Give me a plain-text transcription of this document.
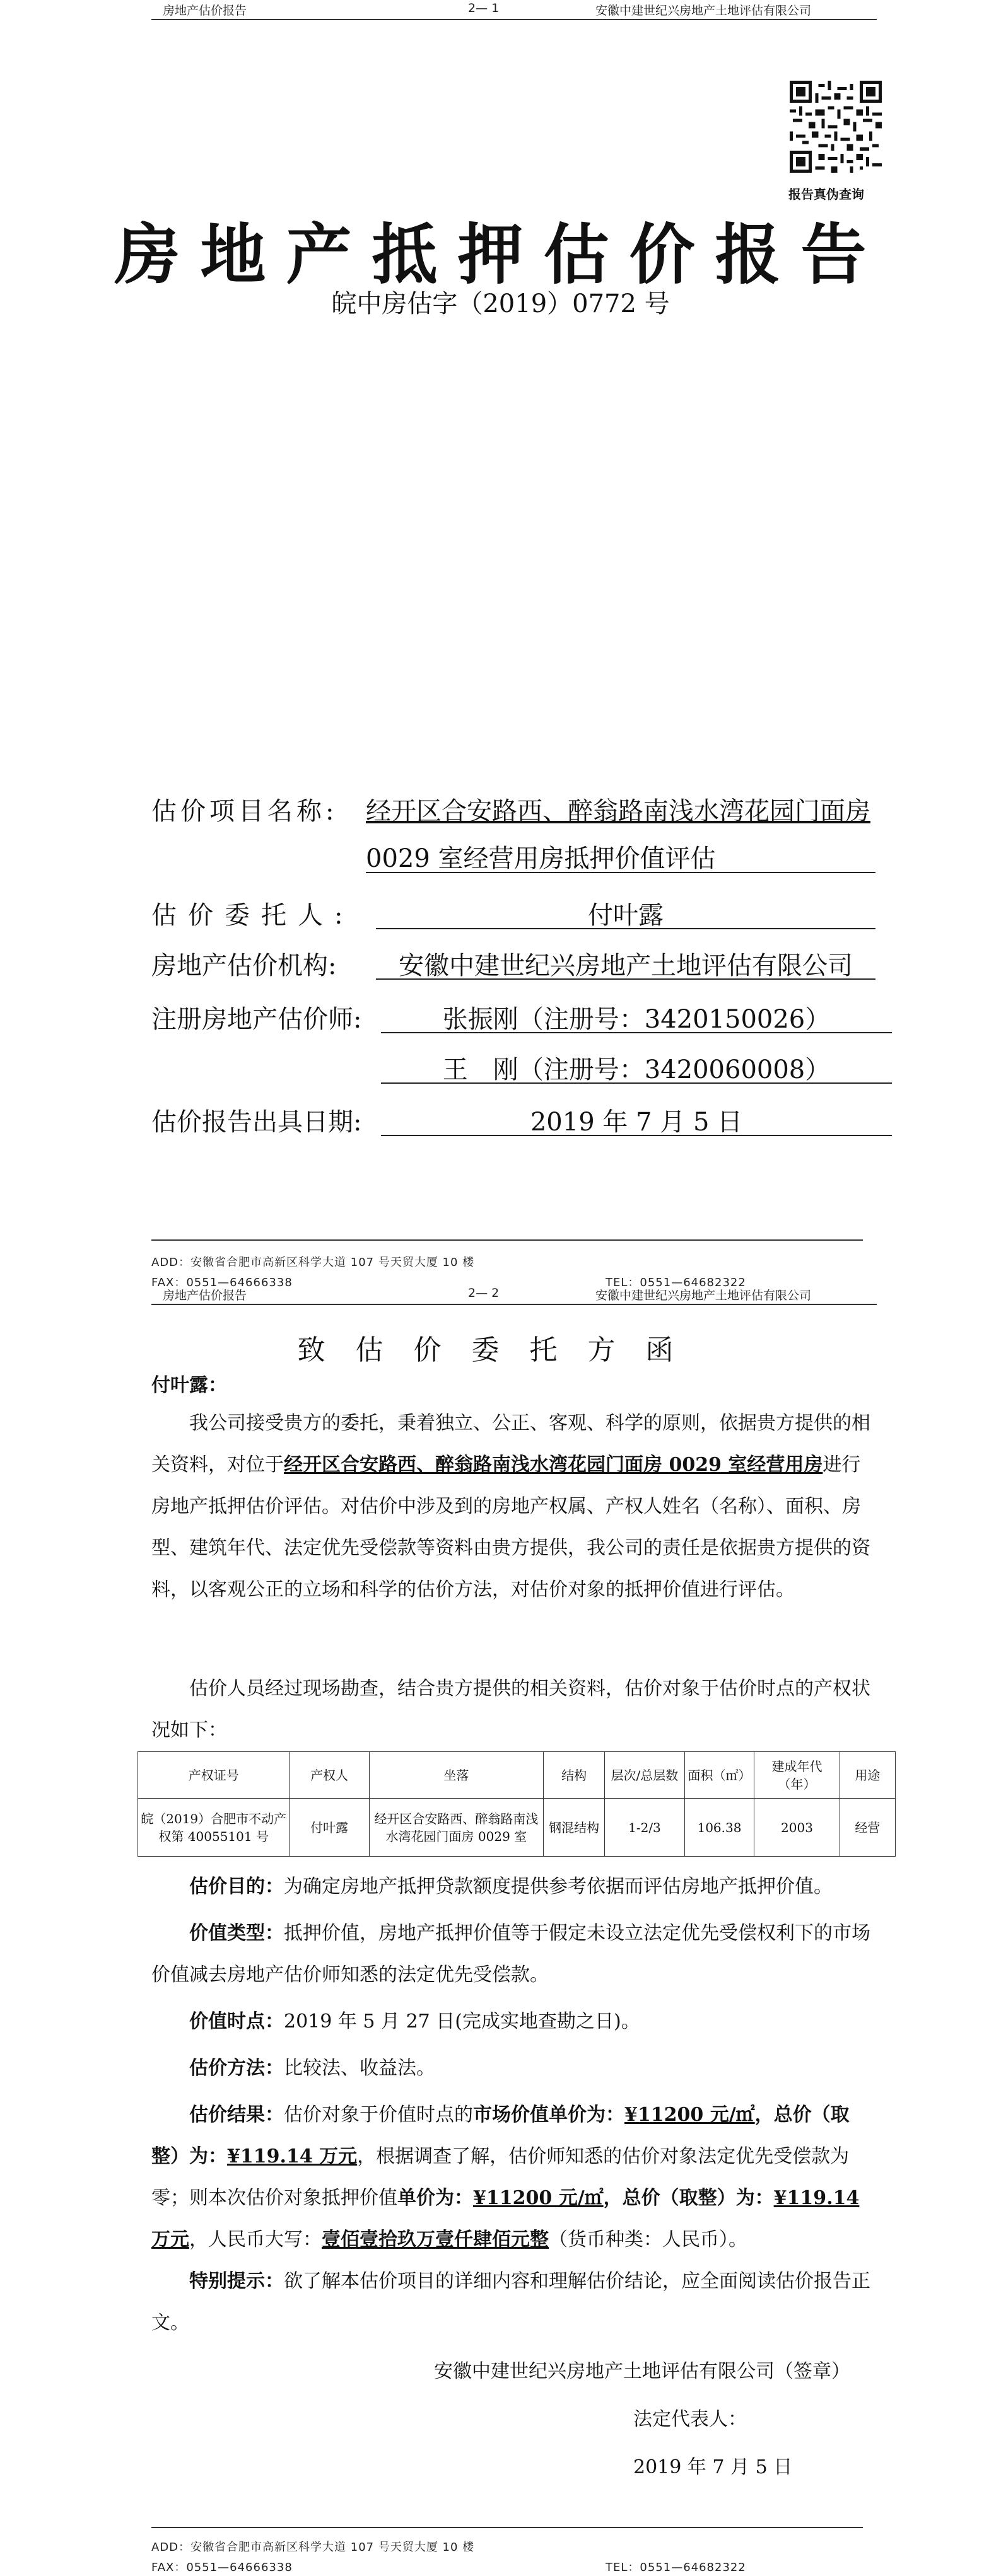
房地产估价报告	2— 1	安徽中建世纪兴房地产土地评估有限公司
报告真伪查询
房地产抵押估价报告
皖中房估字（2019）0772 号
估价项目名称: 经开区合安路西、醉翁路南浅水湾花园门面房
0029 室经营用房抵押价值评估
估价委托人:	付叶露
房地产估价机构:	安徽中建世纪兴房地产土地评估有限公司
注册房地产估价师:	张振刚（注册号：3420150026）
王　刚（注册号：3420060008）
估价报告出具日期:	2019 年 7 月 5 日
ADD：安徽省合肥市高新区科学大道 107 号天贸大厦 10 楼
FAX：0551—64666338	TEL：0551—64682322
房地产估价报告	2— 2	安徽中建世纪兴房地产土地评估有限公司
致估价委托方函
付叶露：
我公司接受贵方的委托，秉着独立、公正、客观、科学的原则，依据贵方提供的相关资料，对位于经开区合安路西、醉翁路南浅水湾花园门面房 0029 室经营用房进行房地产抵押估价评估。对估价中涉及到的房地产权属、产权人姓名（名称）、面积、房型、建筑年代、法定优先受偿款等资料由贵方提供，我公司的责任是依据贵方提供的资料，以客观公正的立场和科学的估价方法，对估价对象的抵押价值进行评估。
估价人员经过现场勘查，结合贵方提供的相关资料，估价对象于估价时点的产权状况如下：
产权证号	产权人	坐落	结构	层次/总层数	面积（㎡）	建成年代（年）	用途
皖（2019）合肥市不动产权第 40055101 号	付叶露	经开区合安路西、醉翁路南浅水湾花园门面房 0029 室	钢混结构	1-2/3	106.38	2003	经营
估价目的：为确定房地产抵押贷款额度提供参考依据而评估房地产抵押价值。
价值类型：抵押价值，房地产抵押价值等于假定未设立法定优先受偿权利下的市场价值减去房地产估价师知悉的法定优先受偿款。
价值时点：2019 年 5 月 27 日(完成实地查勘之日)。
估价方法：比较法、收益法。
估价结果：估价对象于价值时点的市场价值单价为：¥11200 元/㎡，总价（取整）为：¥119.14 万元，根据调查了解，估价师知悉的估价对象法定优先受偿款为零；则本次估价对象抵押价值单价为：¥11200 元/㎡，总价（取整）为：¥119.14 万元，人民币大写：壹佰壹拾玖万壹仟肆佰元整（货币种类：人民币）。
特别提示：欲了解本估价项目的详细内容和理解估价结论，应全面阅读估价报告正文。
安徽中建世纪兴房地产土地评估有限公司（签章）
法定代表人：
2019 年 7 月 5 日
ADD：安徽省合肥市高新区科学大道 107 号天贸大厦 10 楼
FAX：0551—64666338	TEL：0551—64682322
